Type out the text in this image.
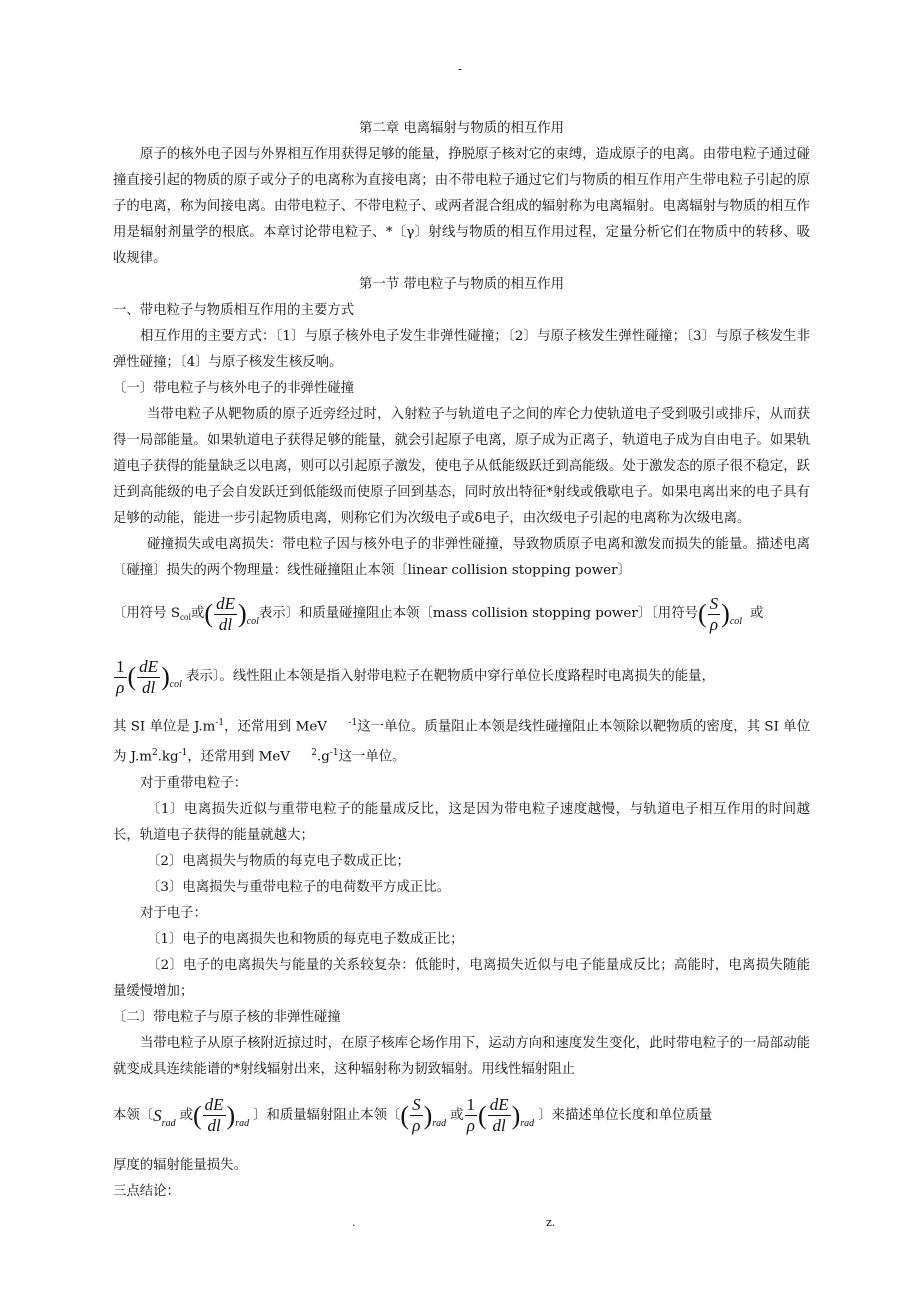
-

第二章 电离辐射与物质的相互作用

原子的核外电子因与外界相互作用获得足够的能量，挣脱原子核对它的束缚，造成原子的电离。由带电粒子通过碰撞直接引起的物质的原子或分子的电离称为直接电离；由不带电粒子通过它们与物质的相互作用产生带电粒子引起的原子的电离，称为间接电离。由带电粒子、不带电粒子、或两者混合组成的辐射称为电离辐射。电离辐射与物质的相互作用是辐射剂量学的根底。本章讨论带电粒子、*〔γ〕射线与物质的相互作用过程，定量分析它们在物质中的转移、吸收规律。

第一节 带电粒子与物质的相互作用

一、带电粒子与物质相互作用的主要方式

相互作用的主要方式：〔1〕与原子核外电子发生非弹性碰撞；〔2〕与原子核发生弹性碰撞；〔3〕与原子核发生非弹性碰撞；〔4〕与原子核发生核反响。

〔一〕带电粒子与核外电子的非弹性碰撞

当带电粒子从靶物质的原子近旁经过时，入射粒子与轨道电子之间的库仑力使轨道电子受到吸引或排斥，从而获得一局部能量。如果轨道电子获得足够的能量，就会引起原子电离，原子成为正离子，轨道电子成为自由电子。如果轨道电子获得的能量缺乏以电离，则可以引起原子激发，使电子从低能级跃迁到高能级。处于激发态的原子很不稳定，跃迁到高能级的电子会自发跃迁到低能级而使原子回到基态，同时放出特征*射线或俄歇电子。如果电离出来的电子具有足够的动能，能进一步引起物质电离，则称它们为次级电子或δ电子，由次级电子引起的电离称为次级电离。

碰撞损失或电离损失：带电粒子因与核外电子的非弹性碰撞，导致物质原子电离和激发而损失的能量。描述电离〔碰撞〕损失的两个物理量：线性碰撞阻止本领〔linear collision stopping power〕

〔用符号 S col 或 ( $\frac{dE}{dl}$ ) col
表示〕和质量碰撞阻止本领〔mass collision stopping power〕〔用符号 ( $\frac{S}{\rho}$ ) col
或
$\frac{1}{\rho}$ ( $\frac{dE}{dl}$ ) col
表示〕。线性阻止本领是指入射带电粒子在靶物质中穿行单位长度路程时电离损失的能量，

其 SI 单位是 $J.m^{-1}$，还常用到 MeV $^{-1}$这一单位。质量阻止本领是线性碰撞阻止本领除以靶物质的密度，其 SI 单位为 $J.m^2.kg^{-1}$，还常用到 MeV $^2.g^{-1}$这一单位。

对于重带电粒子：

〔1〕电离损失近似与重带电粒子的能量成反比，这是因为带电粒子速度越慢，与轨道电子相互作用的时间越长，轨道电子获得的能量就越大；

〔2〕电离损失与物质的每克电子数成正比；

〔3〕电离损失与重带电粒子的电荷数平方成正比。

对于电子：

〔1〕电子的电离损失也和物质的每克电子数成正比；

〔2〕电子的电离损失与能量的关系较复杂：低能时，电离损失近似与电子能量成反比；高能时，电离损失随能量缓慢增加；

〔二〕带电粒子与原子核的非弹性碰撞

当带电粒子从原子核附近掠过时，在原子核库仑场作用下，运动方向和速度发生变化，此时带电粒子的一局部动能就变成具连续能谱的*射线辐射出来，这种辐射称为韧致辐射。用线性辐射阻止

本领〔 S rad
或 ( $\frac{dE}{dl}$ ) rad
〕和质量辐射阻止本领〔 ( $\frac{S}{\rho}$ ) rad
或 $\frac{1}{\rho}$ ( $\frac{dE}{dl}$ ) rad
〕来描述单位长度和单位质量

厚度的辐射能量损失。

三点结论：

.	z.
